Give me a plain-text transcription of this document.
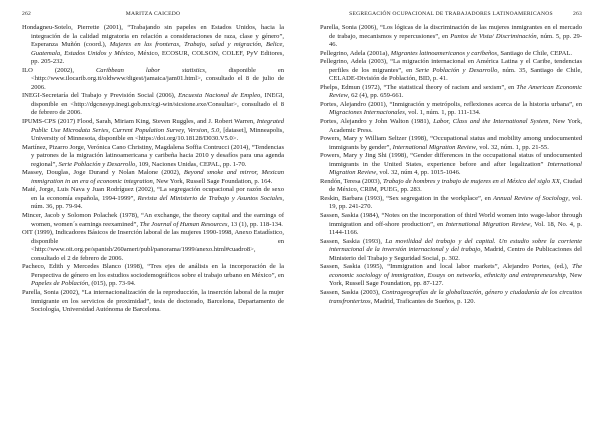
MARITZA CAICEDO
262
Hondagneu-Sotelo, Pierrette (2001), “Trabajando sin papeles en Estados Unidos, hacia la integración de la calidad migratoria en relación a consideraciones de raza, clase y género”, Esperanza Muñón (coord.), Mujeres en las fronteras, Trabajo, salud y migración, Belice, Guatemala, Estados Unidos y México, México, ECOSUR, COLSON, COLEF, PyV Editores, pp. 205-232.
ILO (2002), Caribbean labor statistics, disponible en <http://www.ilocarib.org.tt/oldwww/digest/jamaica/jam01.html>, consultado el 8 de julio de 2006.
INEGI-Secretaría del Trabajo y Previsión Social (2006), Encuesta Nacional de Empleo, INEGI, disponible en <http://dgcnesyp.inegi.gob.mx/cgi-win/sicsione.exe/Consultar>, consultado el 8 de febrero de 2006.
IPUMS-CPS (2017) Flood, Sarah, Miriam King, Steven Ruggles, and J. Robert Warren, Integrated Public Use Microdata Series, Current Population Survey, Version, 5.0, [dataset], Minneapolis, University of Minnesota, disponible en <https://doi.org/10.18128/D030.V5.0>.
Martínez, Pizarro Jorge, Verónica Cano Christiny, Magdalena Soffia Contrucci (2014), “Tendencias y patrones de la migración latinoamericana y caribeña hacia 2010 y desafíos para una agenda regional”, Serie Población y Desarrollo, 109, Naciones Unidas, CEPAL, pp. 1-70.
Massey, Douglas, Joge Durand y Nolan Malone (2002), Beyond smoke and mirror, Mexican immigration in an era of economic integration, New York, Russell Sage Foundation, p. 164.
Maté, Jorge, Luis Nava y Juan Rodríguez (2002), “La segregación ocupacional por razón de sexo en la economía española, 1994-1999”, Revista del Ministerio de Trabajo y Asuntos Sociales, núm. 36, pp. 79-94.
Mincer, Jacob y Solomon Polachek (1978), “An exchange, the theory capital and the earnings of women, women´s earnings reexamined”, The Journal of Human Resources, 13 (1), pp. 118-134.
OIT (1999), Indicadores Básicos de Inserción laboral de las mujeres 1990-1998, Anexo Estadístico, disponible en <http://www.oit.org.pe/spanish/260ameri/publ/panorama/1999/anexo.html#cuadro8>, consultado el 2 de febrero de 2006.
Pacheco, Edith y Mercedes Blanco (1998), “Tres ejes de análisis en la incorporación de la Perspectiva de género en los estudios sociodemográficos sobre el trabajo urbano en México”, en Papeles de Población, (015), pp. 73-94.
Parella, Sonia (2002), “La internacionalización de la reproducción, la inserción laboral de la mujer inmigrante en los servicios de proximidad”, tesis de doctorado, Barcelona, Departamento de Sociología, Universidad Autónoma de Barcelona.
SEGREGACIÓN OCUPACIONAL DE TRABAJADORES LATINOAMERICANOS	263
Parella, Sonia (2006), “Los lógicas de la discriminación de las mujeres inmigrantes en el mercado de trabajo, mecanismos y repercusiones”, en Puntos de Vista/ Discriminación, núm. 5, pp. 29-46.
Pellegrino, Adela (2001a), Migrantes latinoamericanos y caribeños, Santiago de Chile, CEPAL.
Pellegrino, Adela (2003), “La migración internacional en América Latina y el Caribe, tendencias perfiles de los migrantes”, en Serie Población y Desarrollo, núm. 35, Santiago de Chile, CELADE-División de Población, BID, p. 41.
Phelps, Edmun (1972), “The statistical theory of racism and sexism”, en The American Economic Review, 62 (4), pp. 659-661.
Portes, Alejandro (2001), “Inmigración y metrópolis, reflexiones acerca de la historia urbana”, en Migraciones Internacionales, vol. 1, núm. 1, pp. 111-134.
Portes, Alejandro y John Walton (1981), Labor, Class and the International System, New York, Academic Press.
Powers, Mary y William Seltzer (1998), “Occupational status and mobility among undocumented immigrants by gender”, International Migration Review, vol. 32, núm. 1, pp. 21-55.
Powers, Mary y Jing Shi (1998), “Gender differences in the occupational status of undocumented immigrants in the United States, experience before and after legalization” International Migration Review, vol. 32, núm 4, pp. 1015-1046.
Rendón, Teresa (2003), Trabajo de hombres y trabajo de mujeres en el México del siglo XX, Ciudad de México, CRIM, PUEG, pp. 283.
Reskin, Barbara (1993), “Sex segregation in the workplace”, en Annual Review of Sociology, vol. 19, pp. 241-270.
Sassen, Saskia (1984), “Notes on the incorporation of third World women into wage-labor through immigration and off-shore production”, en International Migration Review, Vol. 18, No. 4, p. 1144-1166.
Sassen, Saskia (1993), La movilidad del trabajo y del capital. Un estudio sobre la corriente internacional de la inversión internacional y del trabajo, Madrid, Centro de Publicaciones del Ministerio del Trabajo y Seguridad Social, p. 302.
Sassen, Saskia (1995), “Immigration and local labor markets”, Alejandro Portes, (ed.), The economic sociology of immigration, Essays on networks, ethnicity and entrepreneurship, New York, Russell Sage Foundation, pp. 87-127.
Sassen, Saskia (2003), Contrageografías de la globalización, género y ciudadanía de los circuitos transfronterizos, Madrid, Traficantes de Sueños, p. 120.
